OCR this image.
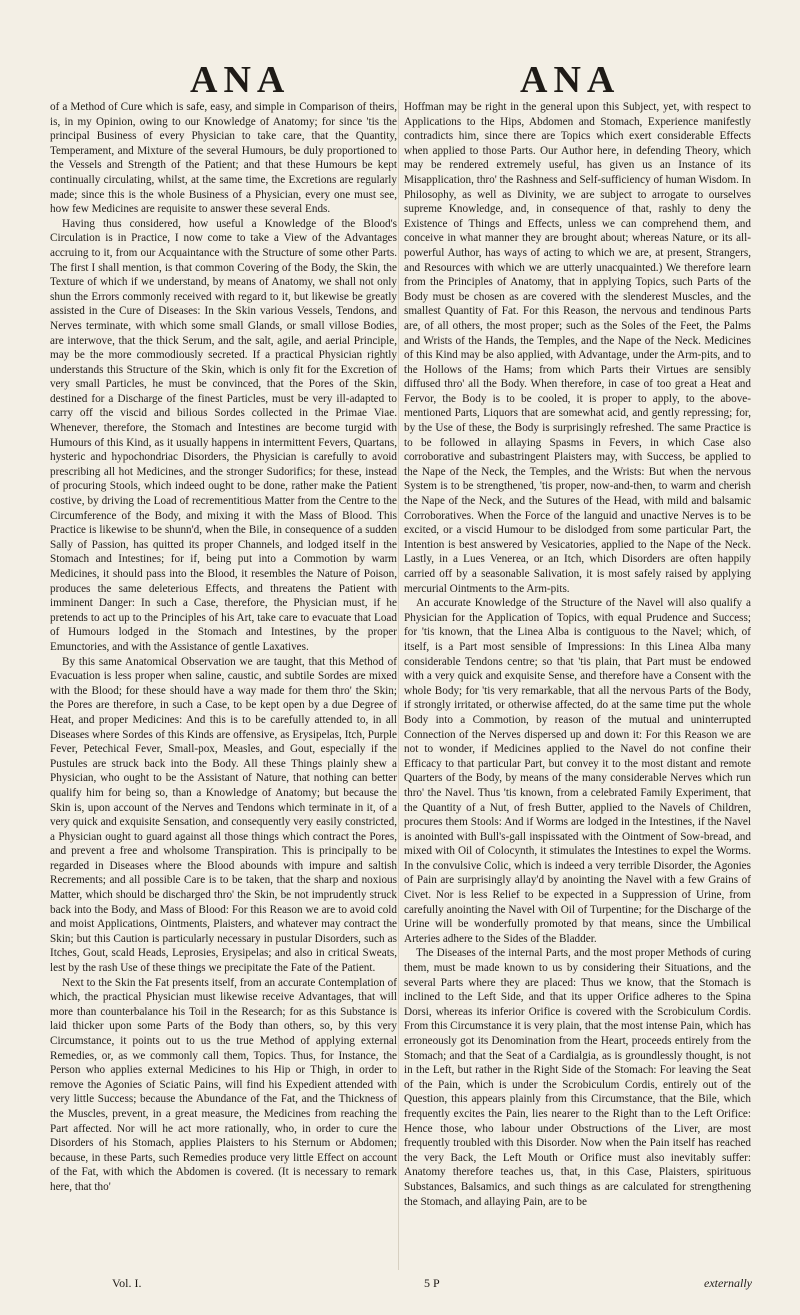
ANA	ANA

of a Method of Cure which is safe, easy, and simple in Comparison of theirs, is, in my Opinion, owing to our Knowledge of Anatomy; for since 'tis the principal Business of every Physician to take care, that the Quantity, Temperament, and Mixture of the several Humours, be duly proportioned to the Vessels and Strength of the Patient; and that these Humours be kept continually circulating, whilst, at the same time, the Excretions are regularly made; since this is the whole Business of a Physician, every one must see, how few Medicines are requisite to answer these several Ends.

Having thus considered, how useful a Knowledge of the Blood's Circulation is in Practice, I now come to take a View of the Advantages accruing to it, from our Acquaintance with the Structure of some other Parts. The first I shall mention, is that common Covering of the Body, the Skin, the Texture of which if we understand, by means of Anatomy, we shall not only shun the Errors commonly received with regard to it, but likewise be greatly assisted in the Cure of Diseases: In the Skin various Vessels, Tendons, and Nerves terminate, with which some small Glands, or small villose Bodies, are interwove, that the thick Serum, and the salt, agile, and aerial Principle, may be the more commodiously secreted. If a practical Physician rightly understands this Structure of the Skin, which is only fit for the Excretion of very small Particles, he must be convinced, that the Pores of the Skin, destined for a Discharge of the finest Particles, must be very ill-adapted to carry off the viscid and bilious Sordes collected in the Primae Viae. Whenever, therefore, the Stomach and Intestines are become turgid with Humours of this Kind, as it usually happens in intermittent Fevers, Quartans, hysteric and hypochondriac Disorders, the Physician is carefully to avoid prescribing all hot Medicines, and the stronger Sudorifics; for these, instead of procuring Stools, which indeed ought to be done, rather make the Patient costive, by driving the Load of recrementitious Matter from the Centre to the Circumference of the Body, and mixing it with the Mass of Blood. This Practice is likewise to be shunn'd, when the Bile, in consequence of a sudden Sally of Passion, has quitted its proper Channels, and lodged itself in the Stomach and Intestines; for if, being put into a Commotion by warm Medicines, it should pass into the Blood, it resembles the Nature of Poison, produces the same deleterious Effects, and threatens the Patient with imminent Danger: In such a Case, therefore, the Physician must, if he pretends to act up to the Principles of his Art, take care to evacuate that Load of Humours lodged in the Stomach and Intestines, by the proper Emunctories, and with the Assistance of gentle Laxatives.

By this same Anatomical Observation we are taught, that this Method of Evacuation is less proper when saline, caustic, and subtile Sordes are mixed with the Blood; for these should have a way made for them thro' the Skin; the Pores are therefore, in such a Case, to be kept open by a due Degree of Heat, and proper Medicines: And this is to be carefully attended to, in all Diseases where Sordes of this Kinds are offensive, as Erysipelas, Itch, Purple Fever, Petechical Fever, Small-pox, Measles, and Gout, especially if the Pustules are struck back into the Body. All these Things plainly shew a Physician, who ought to be the Assistant of Nature, that nothing can better qualify him for being so, than a Knowledge of Anatomy; but because the Skin is, upon account of the Nerves and Tendons which terminate in it, of a very quick and exquisite Sensation, and consequently very easily constricted, a Physician ought to guard against all those things which contract the Pores, and prevent a free and wholsome Transpiration. This is principally to be regarded in Diseases where the Blood abounds with impure and saltish Recrements; and all possible Care is to be taken, that the sharp and noxious Matter, which should be discharged thro' the Skin, be not imprudently struck back into the Body, and Mass of Blood: For this Reason we are to avoid cold and moist Applications, Ointments, Plaisters, and whatever may contract the Skin; but this Caution is particularly necessary in pustular Disorders, such as Itches, Gout, scald Heads, Leprosies, Erysipelas; and also in critical Sweats, lest by the rash Use of these things we precipitate the Fate of the Patient.

Next to the Skin the Fat presents itself, from an accurate Contemplation of which, the practical Physician must likewise receive Advantages, that will more than counterbalance his Toil in the Research; for as this Substance is laid thicker upon some Parts of the Body than others, so, by this very Circumstance, it points out to us the true Method of applying external Remedies, or, as we commonly call them, Topics. Thus, for Instance, the Person who applies external Medicines to his Hip or Thigh, in order to remove the Agonies of Sciatic Pains, will find his Expedient attended with very little Success; because the Abundance of the Fat, and the Thickness of the Muscles, prevent, in a great measure, the Medicines from reaching the Part affected. Nor will he act more rationally, who, in order to cure the Disorders of his Stomach, applies Plaisters to his Sternum or Abdomen; because, in these Parts, such Remedies produce very little Effect on account of the Fat, with which the Abdomen is covered. (It is necessary to remark here, that tho'

Hoffman may be right in the general upon this Subject, yet, with respect to Applications to the Hips, Abdomen and Stomach, Experience manifestly contradicts him, since there are Topics which exert considerable Effects when applied to those Parts. Our Author here, in defending Theory, which may be rendered extremely useful, has given us an Instance of its Misapplication, thro' the Rashness and Self-sufficiency of human Wisdom. In Philosophy, as well as Divinity, we are subject to arrogate to ourselves supreme Knowledge, and, in consequence of that, rashly to deny the Existence of Things and Effects, unless we can comprehend them, and conceive in what manner they are brought about; whereas Nature, or its all-powerful Author, has ways of acting to which we are, at present, Strangers, and Resources with which we are utterly unacquainted.) We therefore learn from the Principles of Anatomy, that in applying Topics, such Parts of the Body must be chosen as are covered with the slenderest Muscles, and the smallest Quantity of Fat. For this Reason, the nervous and tendinous Parts are, of all others, the most proper; such as the Soles of the Feet, the Palms and Wrists of the Hands, the Temples, and the Nape of the Neck. Medicines of this Kind may be also applied, with Advantage, under the Arm-pits, and to the Hollows of the Hams; from which Parts their Virtues are sensibly diffused thro' all the Body. When therefore, in case of too great a Heat and Fervor, the Body is to be cooled, it is proper to apply, to the above-mentioned Parts, Liquors that are somewhat acid, and gently repressing; for, by the Use of these, the Body is surprisingly refreshed. The same Practice is to be followed in allaying Spasms in Fevers, in which Case also corroborative and subastringent Plaisters may, with Success, be applied to the Nape of the Neck, the Temples, and the Wrists: But when the nervous System is to be strengthened, 'tis proper, now-and-then, to warm and cherish the Nape of the Neck, and the Sutures of the Head, with mild and balsamic Corroboratives. When the Force of the languid and unactive Nerves is to be excited, or a viscid Humour to be dislodged from some particular Part, the Intention is best answered by Vesicatories, applied to the Nape of the Neck. Lastly, in a Lues Venerea, or an Itch, which Disorders are often happily carried off by a seasonable Salivation, it is most safely raised by applying mercurial Ointments to the Arm-pits.

An accurate Knowledge of the Structure of the Navel will also qualify a Physician for the Application of Topics, with equal Prudence and Success; for 'tis known, that the Linea Alba is contiguous to the Navel; which, of itself, is a Part most sensible of Impressions: In this Linea Alba many considerable Tendons centre; so that 'tis plain, that Part must be endowed with a very quick and exquisite Sense, and therefore have a Consent with the whole Body; for 'tis very remarkable, that all the nervous Parts of the Body, if strongly irritated, or otherwise affected, do at the same time put the whole Body into a Commotion, by reason of the mutual and uninterrupted Connection of the Nerves dispersed up and down it: For this Reason we are not to wonder, if Medicines applied to the Navel do not confine their Efficacy to that particular Part, but convey it to the most distant and remote Quarters of the Body, by means of the many considerable Nerves which run thro' the Navel. Thus 'tis known, from a celebrated Family Experiment, that the Quantity of a Nut, of fresh Butter, applied to the Navels of Children, procures them Stools: And if Worms are lodged in the Intestines, if the Navel is anointed with Bull's-gall inspissated with the Ointment of Sow-bread, and mixed with Oil of Colocynth, it stimulates the Intestines to expel the Worms. In the convulsive Colic, which is indeed a very terrible Disorder, the Agonies of Pain are surprisingly allay'd by anointing the Navel with a few Grains of Civet. Nor is less Relief to be expected in a Suppression of Urine, from carefully anointing the Navel with Oil of Turpentine; for the Discharge of the Urine will be wonderfully promoted by that means, since the Umbilical Arteries adhere to the Sides of the Bladder.

The Diseases of the internal Parts, and the most proper Methods of curing them, must be made known to us by considering their Situations, and the several Parts where they are placed: Thus we know, that the Stomach is inclined to the Left Side, and that its upper Orifice adheres to the Spina Dorsi, whereas its inferior Orifice is covered with the Scrobiculum Cordis. From this Circumstance it is very plain, that the most intense Pain, which has erroneously got its Denomination from the Heart, proceeds entirely from the Stomach; and that the Seat of a Cardialgia, as is groundlessly thought, is not in the Left, but rather in the Right Side of the Stomach: For leaving the Seat of the Pain, which is under the Scrobiculum Cordis, entirely out of the Question, this appears plainly from this Circumstance, that the Bile, which frequently excites the Pain, lies nearer to the Right than to the Left Orifice: Hence those, who labour under Obstructions of the Liver, are most frequently troubled with this Disorder. Now when the Pain itself has reached the very Back, the Left Mouth or Orifice must also inevitably suffer: Anatomy therefore teaches us, that, in this Case, Plaisters, spirituous Substances, Balsamics, and such things as are calculated for strengthening the Stomach, and allaying Pain, are to be

Vol. I.	5 P	externally
